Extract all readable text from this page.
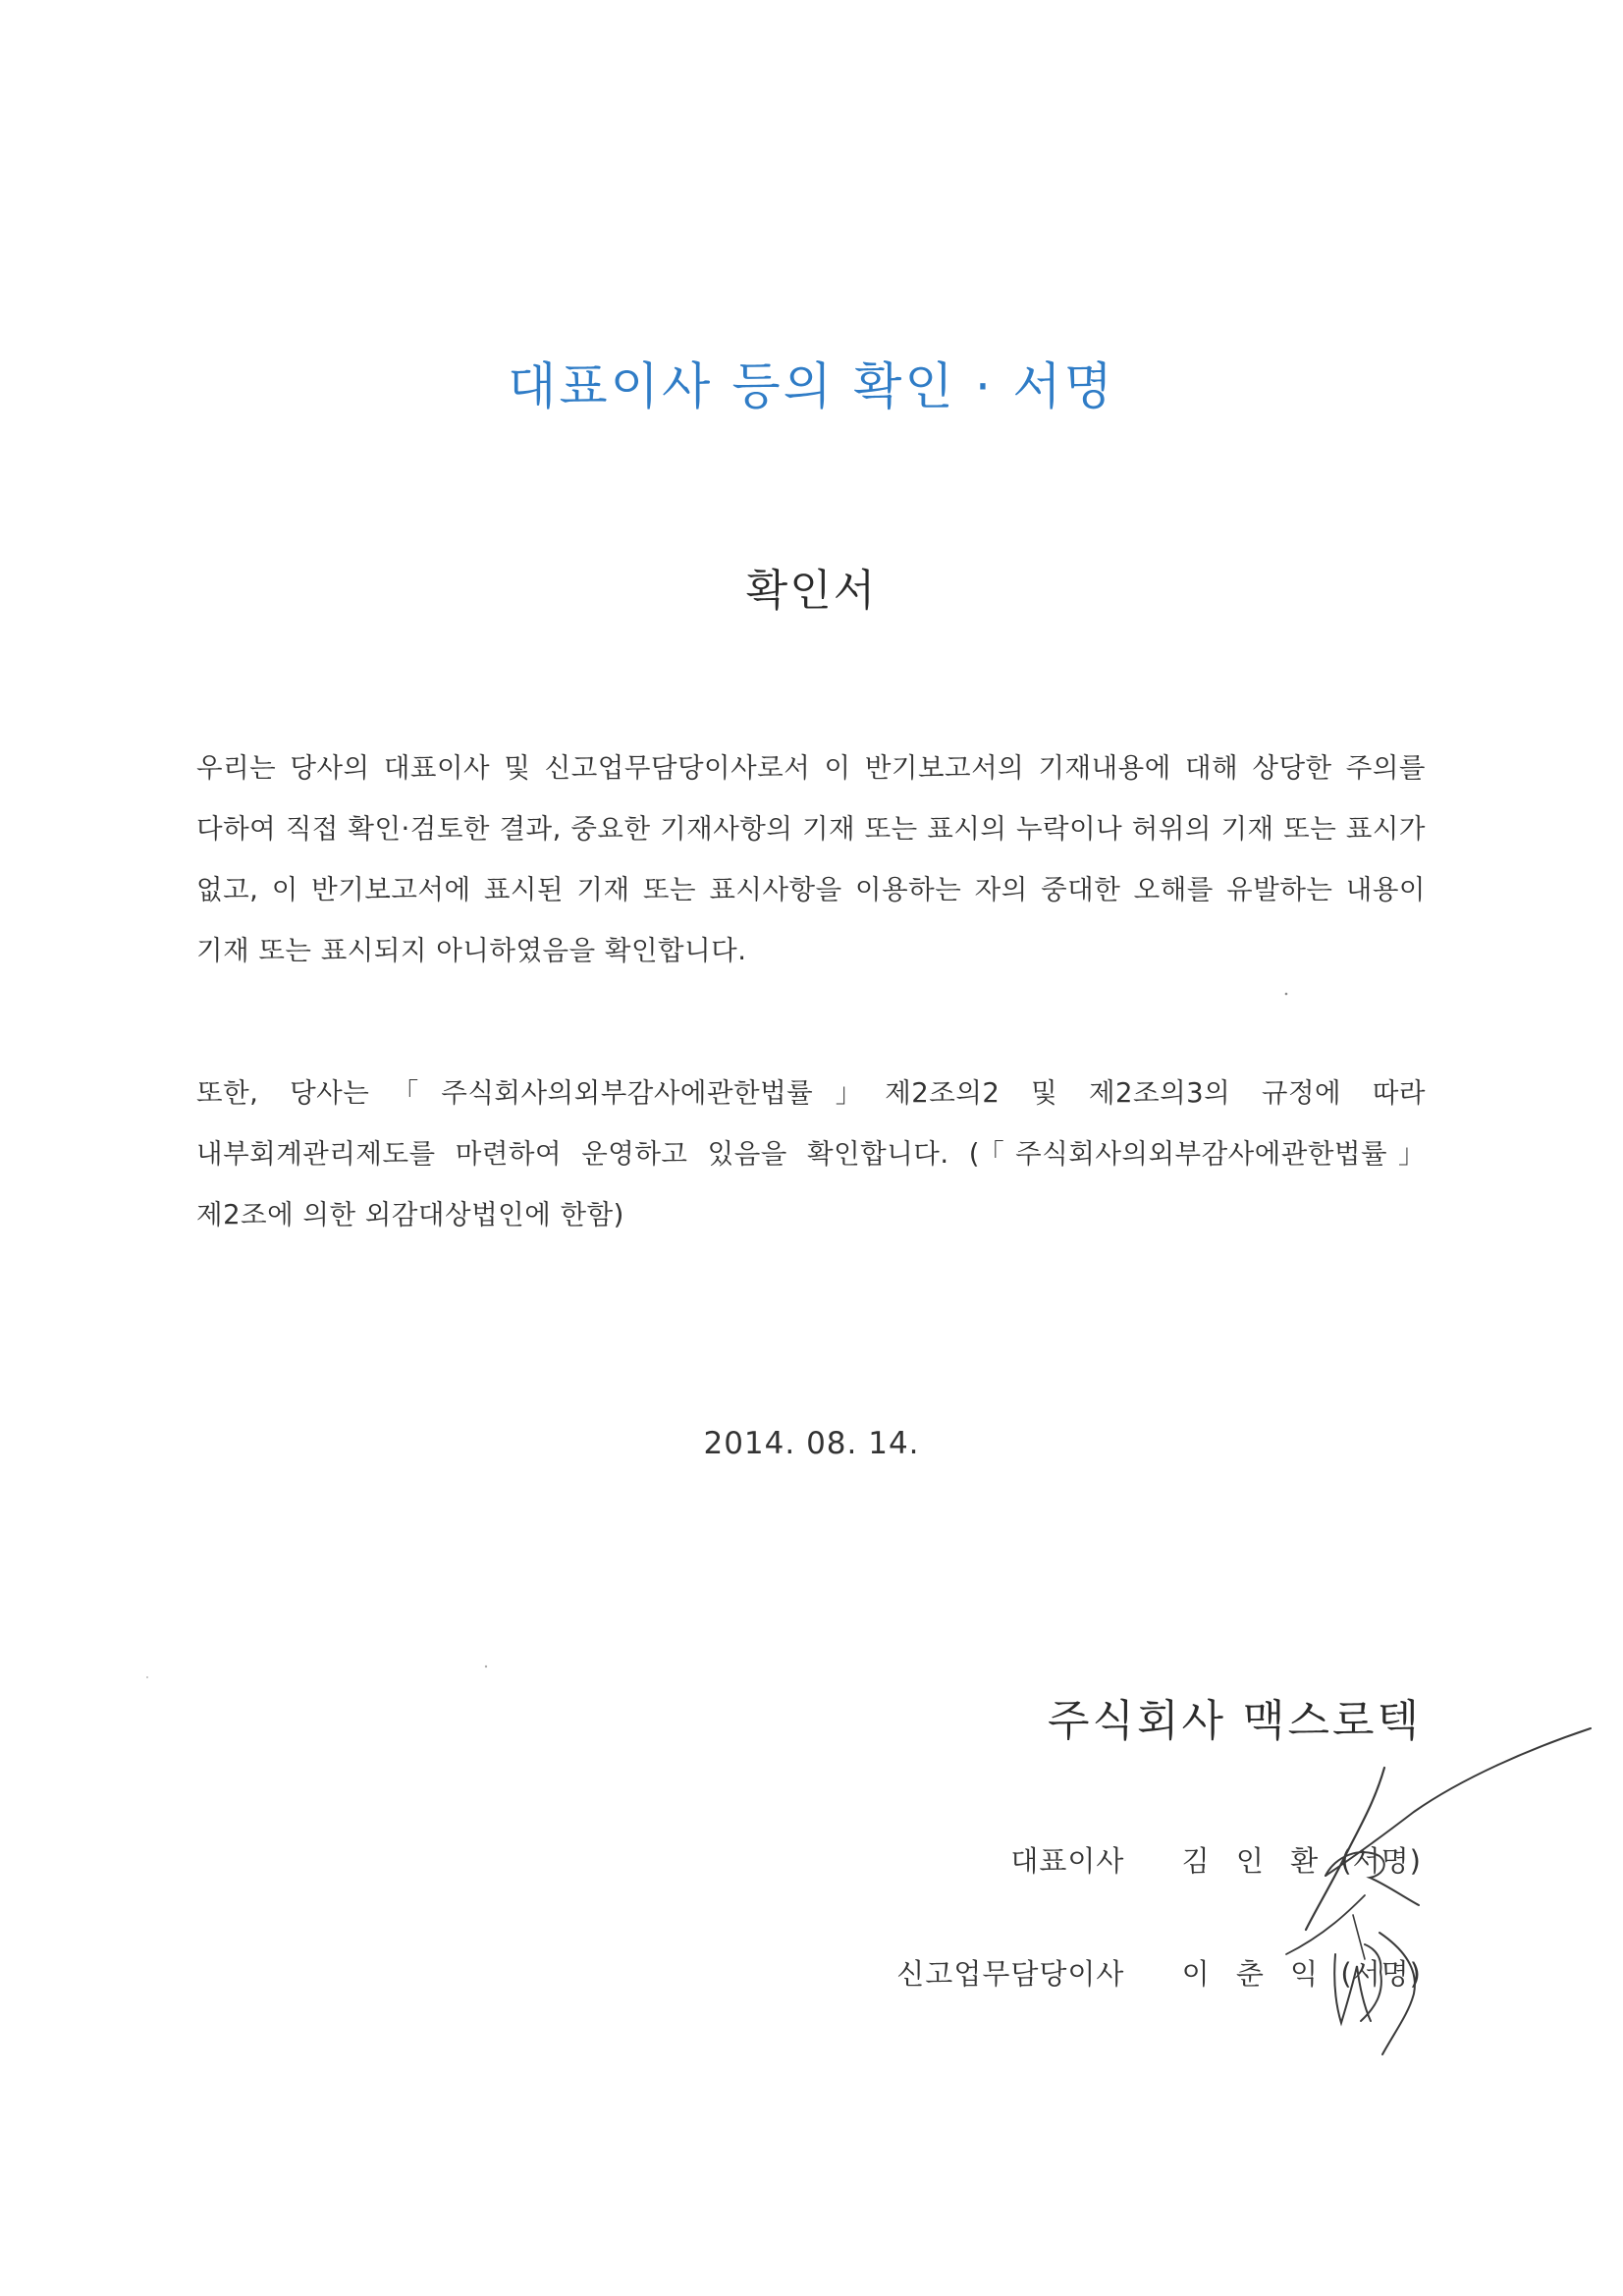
대표이사 등의 확인 · 서명
확인서
우리는 당사의 대표이사 및 신고업무담당이사로서 이 반기보고서의 기재내용에 대해 상당한 주의를 다하여 직접 확인·검토한 결과, 중요한 기재사항의 기재 또는 표시의 누락이나 허위의 기재 또는 표시가 없고, 이 반기보고서에 표시된 기재 또는 표시사항을 이용하는 자의 중대한 오해를 유발하는 내용이 기재 또는 표시되지 아니하였음을 확인합니다.
또한, 당사는「주식회사의외부감사에관한법률」제2조의2 및 제2조의3의 규정에 따라 내부회계관리제도를 마련하여 운영하고 있음을 확인합니다. (「주식회사의외부감사에관한법률」제2조에 의한 외감대상법인에 한함)
2014. 08. 14.
주식회사 맥스로텍
대표이사 김 인 환 (서명)
신고업무담당이사 이 춘 익 (서명)
